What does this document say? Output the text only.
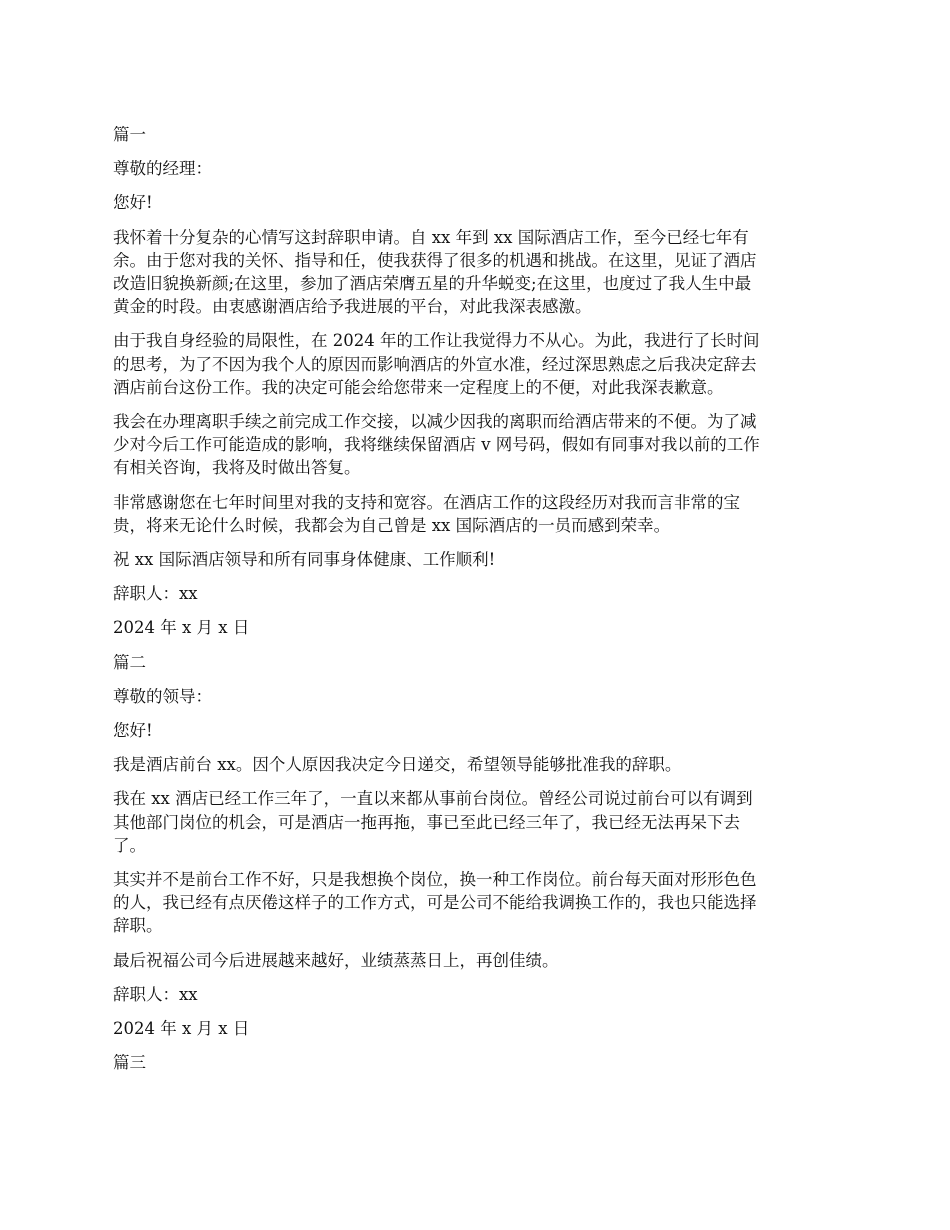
篇一

尊敬的经理：

您好!

我怀着十分复杂的心情写这封辞职申请。自 xx 年到 xx 国际酒店工作，至今已经七年有
余。由于您对我的关怀、指导和任，使我获得了很多的机遇和挑战。在这里，见证了酒店
改造旧貌换新颜;在这里，参加了酒店荣膺五星的升华蜕变;在这里，也度过了我人生中最
黄金的时段。由衷感谢酒店给予我进展的平台，对此我深表感激。

由于我自身经验的局限性，在 2024 年的工作让我觉得力不从心。为此，我进行了长时间
的思考，为了不因为我个人的原因而影响酒店的外宣水准，经过深思熟虑之后我决定辞去
酒店前台这份工作。我的决定可能会给您带来一定程度上的不便，对此我深表歉意。

我会在办理离职手续之前完成工作交接，以减少因我的离职而给酒店带来的不便。为了减
少对今后工作可能造成的影响，我将继续保留酒店 v 网号码，假如有同事对我以前的工作
有相关咨询，我将及时做出答复。

非常感谢您在七年时间里对我的支持和宽容。在酒店工作的这段经历对我而言非常的宝
贵，将来无论什么时候，我都会为自己曾是 xx 国际酒店的一员而感到荣幸。

祝 xx 国际酒店领导和所有同事身体健康、工作顺利!

辞职人：xx

2024 年 x 月 x 日

篇二

尊敬的领导：

您好!

我是酒店前台 xx。因个人原因我决定今日递交，希望领导能够批准我的辞职。

我在 xx 酒店已经工作三年了，一直以来都从事前台岗位。曾经公司说过前台可以有调到
其他部门岗位的机会，可是酒店一拖再拖，事已至此已经三年了，我已经无法再呆下去
了。

其实并不是前台工作不好，只是我想换个岗位，换一种工作岗位。前台每天面对形形色色
的人，我已经有点厌倦这样子的工作方式，可是公司不能给我调换工作的，我也只能选择
辞职。

最后祝福公司今后进展越来越好，业绩蒸蒸日上，再创佳绩。

辞职人：xx

2024 年 x 月 x 日

篇三
